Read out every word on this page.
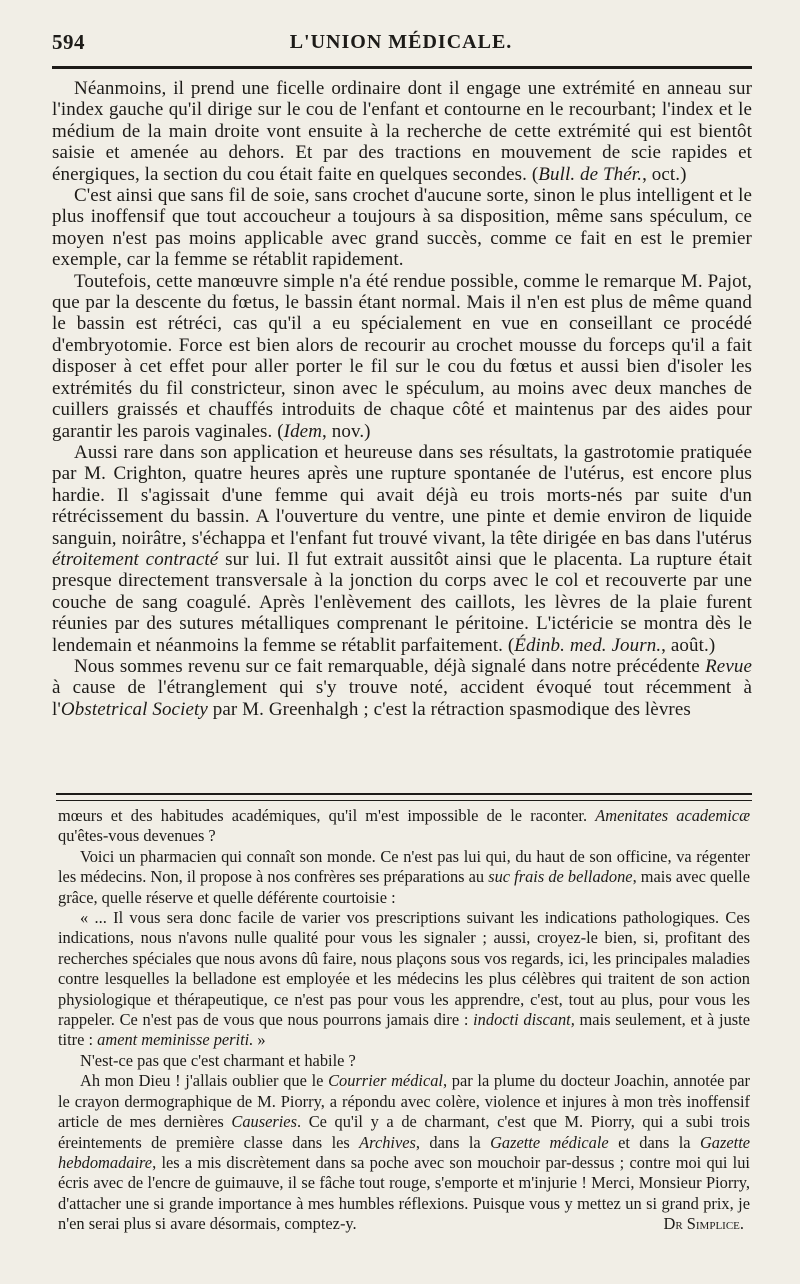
594	L'UNION MÉDICALE.

Néanmoins, il prend une ficelle ordinaire dont il engage une extrémité en anneau sur l'index gauche qu'il dirige sur le cou de l'enfant et contourne en le recourbant; l'index et le médium de la main droite vont ensuite à la recherche de cette extrémité qui est bientôt saisie et amenée au dehors. Et par des tractions en mouvement de scie rapides et énergiques, la section du cou était faite en quelques secondes. (Bull. de Thér., oct.)

C'est ainsi que sans fil de soie, sans crochet d'aucune sorte, sinon le plus intelligent et le plus inoffensif que tout accoucheur a toujours à sa disposition, même sans spéculum, ce moyen n'est pas moins applicable avec grand succès, comme ce fait en est le premier exemple, car la femme se rétablit rapidement.

Toutefois, cette manœuvre simple n'a été rendue possible, comme le remarque M. Pajot, que par la descente du fœtus, le bassin étant normal. Mais il n'en est plus de même quand le bassin est rétréci, cas qu'il a eu spécialement en vue en conseillant ce procédé d'embryotomie. Force est bien alors de recourir au crochet mousse du forceps qu'il a fait disposer à cet effet pour aller porter le fil sur le cou du fœtus et aussi bien d'isoler les extrémités du fil constricteur, sinon avec le spéculum, au moins avec deux manches de cuillers graissés et chauffés introduits de chaque côté et maintenus par des aides pour garantir les parois vaginales. (Idem, nov.)

Aussi rare dans son application et heureuse dans ses résultats, la gastrotomie pratiquée par M. Crighton, quatre heures après une rupture spontanée de l'utérus, est encore plus hardie. Il s'agissait d'une femme qui avait déjà eu trois morts-nés par suite d'un rétrécissement du bassin. A l'ouverture du ventre, une pinte et demie environ de liquide sanguin, noirâtre, s'échappa et l'enfant fut trouvé vivant, la tête dirigée en bas dans l'utérus étroitement contracté sur lui. Il fut extrait aussitôt ainsi que le placenta. La rupture était presque directement transversale à la jonction du corps avec le col et recouverte par une couche de sang coagulé. Après l'enlèvement des caillots, les lèvres de la plaie furent réunies par des sutures métalliques comprenant le péritoine. L'ictéricie se montra dès le lendemain et néanmoins la femme se rétablit parfaitement. (Édinb. med. Journ., août.)

Nous sommes revenu sur ce fait remarquable, déjà signalé dans notre précédente Revue à cause de l'étranglement qui s'y trouve noté, accident évoqué tout récemment à l'Obstetrical Society par M. Greenhalgh ; c'est la rétraction spasmodique des lèvres

mœurs et des habitudes académiques, qu'il m'est impossible de le raconter. Amenitates academicæ qu'êtes-vous devenues ?

Voici un pharmacien qui connaît son monde. Ce n'est pas lui qui, du haut de son officine, va régenter les médecins. Non, il propose à nos confrères ses préparations au suc frais de belladone, mais avec quelle grâce, quelle réserve et quelle déférente courtoisie :

« ... Il vous sera donc facile de varier vos prescriptions suivant les indications pathologiques. Ces indications, nous n'avons nulle qualité pour vous les signaler ; aussi, croyez-le bien, si, profitant des recherches spéciales que nous avons dû faire, nous plaçons sous vos regards, ici, les principales maladies contre lesquelles la belladone est employée et les médecins les plus célèbres qui traitent de son action physiologique et thérapeutique, ce n'est pas pour vous les apprendre, c'est, tout au plus, pour vous les rappeler. Ce n'est pas de vous que nous pourrons jamais dire : indocti discant, mais seulement, et à juste titre : ament meminisse periti. »

N'est-ce pas que c'est charmant et habile ?

Ah mon Dieu ! j'allais oublier que le Courrier médical, par la plume du docteur Joachin, annotée par le crayon dermographique de M. Piorry, a répondu avec colère, violence et injures à mon très inoffensif article de mes dernières Causeries. Ce qu'il y a de charmant, c'est que M. Piorry, qui a subi trois éreintements de première classe dans les Archives, dans la Gazette médicale et dans la Gazette hebdomadaire, les a mis discrètement dans sa poche avec son mouchoir par-dessus ; contre moi qui lui écris avec de l'encre de guimauve, il se fâche tout rouge, s'emporte et m'injurie ! Merci, Monsieur Piorry, d'attacher une si grande importance à mes humbles réflexions. Puisque vous y mettez un si grand prix, je n'en serai plus si avare désormais, comptez-y.	Dr Simplice.
